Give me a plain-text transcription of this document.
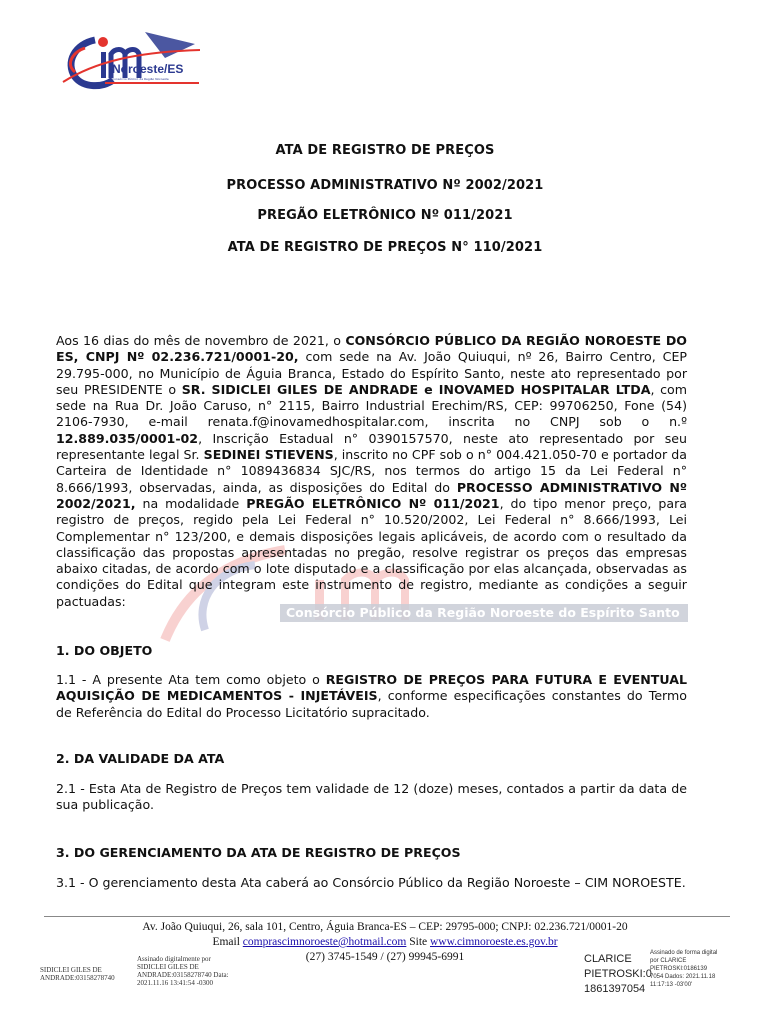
Noroeste/ES
Consórcio Público da Região Noroeste
ATA DE REGISTRO DE PREÇOS
PROCESSO ADMINISTRATIVO Nº 2002/2021
PREGÃO ELETRÔNICO Nº 011/2021
ATA DE REGISTRO DE PREÇOS N° 110/2021
Consórcio Público da Região Noroeste do Espírito Santo
Aos 16 dias do mês de novembro de 2021, o CONSÓRCIO PÚBLICO DA REGIÃO NOROESTE DO ES, CNPJ Nº 02.236.721/0001-20, com sede na Av. João Quiuqui, nº 26, Bairro Centro, CEP 29.795-000, no Município de Águia Branca, Estado do Espírito Santo, neste ato representado por seu PRESIDENTE o SR. SIDICLEI GILES DE ANDRADE e INOVAMED HOSPITALAR LTDA, com sede na Rua Dr. João Caruso, n° 2115, Bairro Industrial Erechim/RS, CEP: 99706250, Fone (54) 2106-7930, e-mail renata.f@inovamedhospitalar.com, inscrita no CNPJ sob o n.º 12.889.035/0001-02, Inscrição Estadual n° 0390157570, neste ato representado por seu representante legal Sr. SEDINEI STIEVENS, inscrito no CPF sob o n° 004.421.050-70 e portador da Carteira de Identidade n° 1089436834 SJC/RS, nos termos do artigo 15 da Lei Federal n° 8.666/1993, observadas, ainda, as disposições do Edital do PROCESSO ADMINISTRATIVO Nº 2002/2021, na modalidade PREGÃO ELETRÔNICO Nº 011/2021, do tipo menor preço, para registro de preços, regido pela Lei Federal n° 10.520/2002, Lei Federal n° 8.666/1993, Lei Complementar n° 123/200, e demais disposições legais aplicáveis, de acordo com o resultado da classificação das propostas apresentadas no pregão, resolve registrar os preços das empresas abaixo citadas, de acordo com o lote disputado e a classificação por elas alcançada, observadas as condições do Edital que integram este instrumento de registro, mediante as condições a seguir pactuadas:
1. DO OBJETO
1.1 - A presente Ata tem como objeto o REGISTRO DE PREÇOS PARA FUTURA E EVENTUAL AQUISIÇÃO DE MEDICAMENTOS - INJETÁVEIS, conforme especificações constantes do Termo de Referência do Edital do Processo Licitatório supracitado.
2. DA VALIDADE DA ATA
2.1 - Esta Ata de Registro de Preços tem validade de 12 (doze) meses, contados a partir da data de sua publicação.
3. DO GERENCIAMENTO DA ATA DE REGISTRO DE PREÇOS
3.1 - O gerenciamento desta Ata caberá ao Consórcio Público da Região Noroeste – CIM NOROESTE.
Av. João Quiuqui, 26, sala 101, Centro, Águia Branca-ES – CEP: 29795-000; CNPJ: 02.236.721/0001-20
Email comprascimnoroeste@hotmail.com Site www.cimnoroeste.es.gov.br
(27) 3745-1549 / (27) 99945-6991
SIDICLEI GILES DE ANDRADE:03158278740
Assinado digitalmente por SIDICLEI GILES DE ANDRADE:03158278740 Data: 2021.11.16 13:41:54 -0300
CLARICE PIETROSKI:0 1861397054
Assinado de forma digital por CLARICE PIETROSKI:0186139 7054 Dados: 2021.11.18 11:17:13 -03'00'
